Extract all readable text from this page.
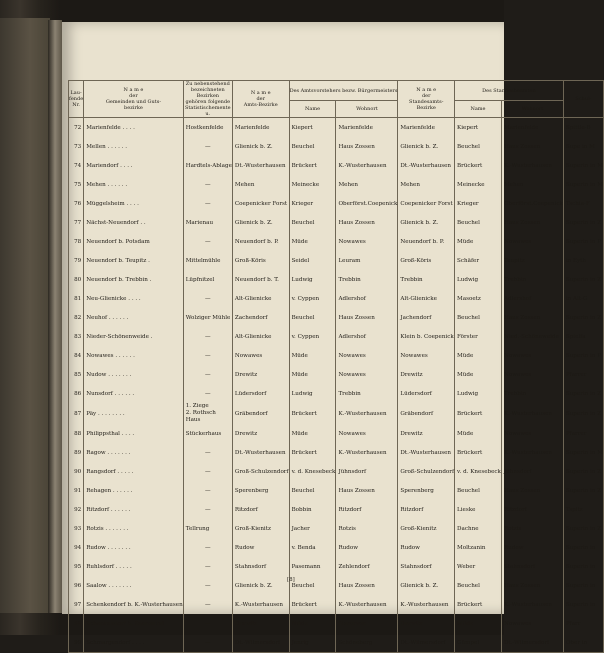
Lau-
fende
Nr.	N a m e
der
Gemeinden und Guts-
bezirke	Zu nebenstehend
bezeichneten Bezirken
gehören folgende
Statistischemente u.	N a m e
der
Amts-Bezirke	Des Amtsvorstehers bezw. Bürgermeisters		N a m e
der
Standesamts-
Bezirke	Des Standesbeamten		Schul-
				Name	Wohnort		Name	Wohnort	
72	Marienfelde . . . .	Hostkenfelde	Marienfelde	Kiepert	Marienfelde	Marienfelde	Kiepert	Marienfelde	Spittle-B
73	Mellen . . . . . .	—	Glienick b. Z.	Beuchel	Haus Zossen	Glienick b. Z.	Beuchel	Haus Zossen	Supe in M
74	Mariendorf . . . .	Hardtels-Ablage	Dt.-Wusterhausen	Brückert	K.-Wusterhausen	Dt.-Wusterhausen	Brückert	K.-Wusterhausen	Superin in M
75	Mehen . . . . . .	—	Mehen	Meinecke	Mehen	Mehen	Meinecke	Mehen	Superin in M
76	Müggelsheim . . . .	—	Coepenicker Forst	Krieger	Oberförst.Coepenick	Coepenicker Forst	Krieger	Oberförst.Coepenick	Tschia-F
77	Nächst-Neuendorf . .	Marienau	Glienick b. Z.	Beuchel	Haus Zossen	Glienick b. Z.	Beuchel	Haus Zossen	Superin in Z
78	Neuendorf b. Potsdam	—	Neuendorf b. P.	Müde	Nowawes	Neuendorf b. P.	Müde	Nowawes	Superin in P
79	Neuendorf b. Teupitz .	Mittelmühle	Groß-Köris	Seidel	Leuram	Groß-Köris	Schäfer	Teupitz	in Eyth
80	Neuendorf b. Trebbin .	Lüpfnitzel	Neuendorf b. T.	Ludwig	Trebbin	Trebbin	Ludwig	Trebbin	Superin in Z
81	Neu-Glienicke . . . .	—	Alt-Glienicke	v. Cyppen	Adlershof	Alt-Glienicke	Masoetz	Adlershof	in Alt-G
82	Neuhof . . . . . .	Wolziger Mühle	Zachendorf	Beuchel	Haus Zossen	Jachendorf	Beuchel	Haus Zossen	Superin in Z
83	Nieder-Schönenweide .	—	Alt-Glienicke	v. Cyppen	Adlershof	Klein b. Coepenick	Förster	Nied.-Schöneweide	Spielfa
84	Nowawes . . . . . .	—	Nowawes	Müde	Nowawes	Nowawes	Müde	Nowawes	Superin in P
85	Nudow . . . . . . .	—	Drewitz	Müde	Nowawes	Drewitz	Müde	Nowawes	Pfarrer
86	Nunsdorf . . . . . .	—	Lüdersdorf	Ludwig	Trebbin	Lüdersdorf	Ludwig	Trebbin	Superin in Z
87	Päy . . . . . . . .	1. Ziege
2. Rothsch Haus	Gräbendorf	Brückert	K.-Wusterhausen	Gräbendorf	Brückert	K.-Wusterhausen	Superin in Z
88	Philippsthal . . . .	Stückerhaus	Drewitz	Müde	Nowawes	Drewitz	Müde	Nowawes	Pfarrer
89	Ragow . . . . . . .	—	Dt.-Wusterhausen	Brückert	K.-Wusterhausen	Dt.-Wusterhausen	Brückert	K.-Wusterhausen	Superin in M
90	Rangsdorf . . . . .	—	Groß-Schulzendorf	v. d. Knesebeck	Jühnsdorf	Groß-Schulzendorf	v. d. Knesebeck	Jühnsdorf	Superin in Z
91	Rehagen . . . . . .	—	Sperenberg	Beuchel	Haus Zossen	Sperenberg	Beuchel	Haus Zossen	Superin in Z
92	Ritzdorf . . . . . .	—	Ritzdorf	Bobbin	Ritzdorf	Ritzdorf	Lieske	Ritzdorf	Tspitz
93	Rotzis . . . . . . .	Tellrung	Groß-Kienitz	Jacher	Rotzis	Groß-Kienitz	Dachne	Rotzis	Superin in Z
94	Rudow . . . . . . .	—	Rudow	v. Benda	Rudow	Rudow	Moltzanin	Rudow	Superin in
95	Ruhlsdorf . . . . .	—	Stahnsdorf	Pasemann	Zehlendorf	Stahnsdorf	Weber	Stahnsdorf	Superin in
96	Saalow . . . . . . .	—	Glienick b. Z.	Beuchel	Haus Zossen	Glienick b. Z.	Beuchel	Haus Zossen	Superin in
97	Schenkendorf b. K.-Wusterhausen	—	K.-Wusterhausen	Brückert	K.-Wusterhausen	K.-Wusterhausen	Brückert	K.-Wusterhausen	Superin in
98	Schenkendorf b. Saarmund	—	Drewitz	Müde	Nowawes	Drewitz	Müde	Nowawes	Pfarr
99	Schmargendorf . . . .	—	Dt.-Wilmersdorf	Jenrig	Schöneberg	Dt.-Wilmersdorf	Gümpel	Dt.-Wilmersdorf	Ober in
[8]
